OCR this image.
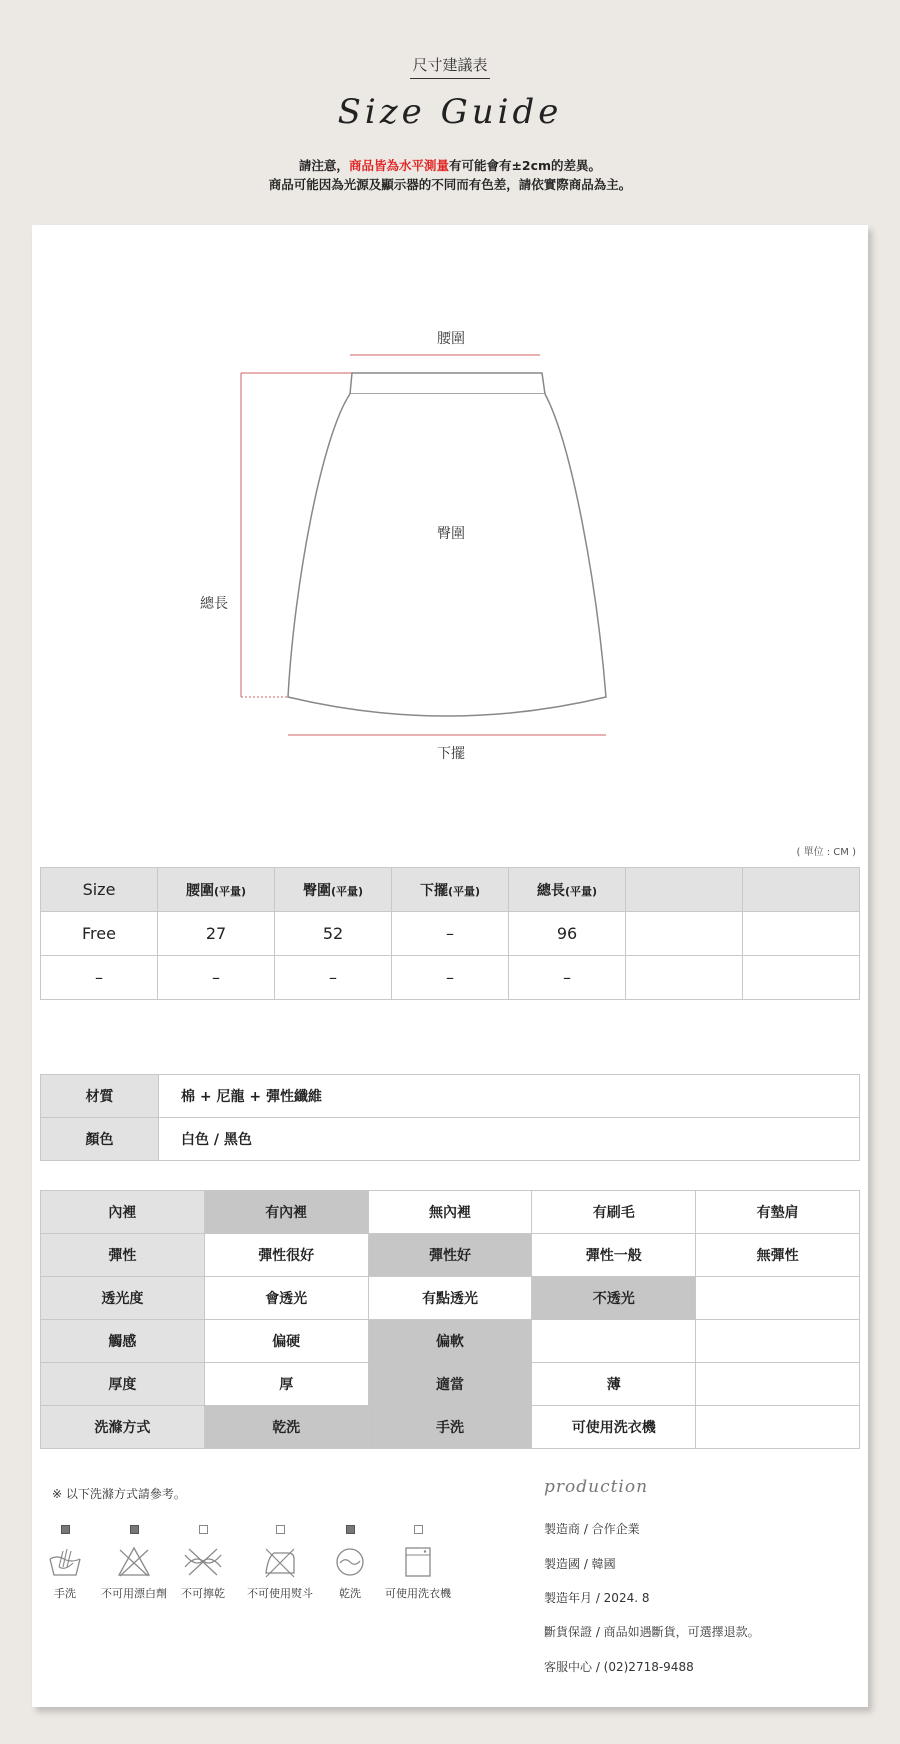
尺寸建議表
Size Guide
請注意，商品皆為水平測量有可能會有±2cm的差異。
商品可能因為光源及顯示器的不同而有色差，請依實際商品為主。
腰圍
臀圍
總長
下擺
( 單位 : CM )
Size	腰圍(平量)	臀圍(平量)	下擺(平量)	總長(平量)		
Free	27	52	–	96		
–	–	–	–	–		
材質	棉 + 尼龍 + 彈性纖維
顏色	白色 / 黑色
內裡	有內裡	無內裡	有刷毛	有墊肩
彈性	彈性很好	彈性好	彈性一般	無彈性
透光度	會透光	有點透光	不透光	
觸感	偏硬	偏軟		
厚度	厚	適當	薄	
洗滌方式	乾洗	手洗	可使用洗衣機	
※ 以下洗滌方式請參考。
手洗	不可用漂白劑	不可擰乾	不可使用熨斗	乾洗	可使用洗衣機
production
製造商 / 合作企業
製造國 / 韓國
製造年月 / 2024. 8
斷貨保證 / 商品如遇斷貨，可選擇退款。
客服中心 / (02)2718-9488
